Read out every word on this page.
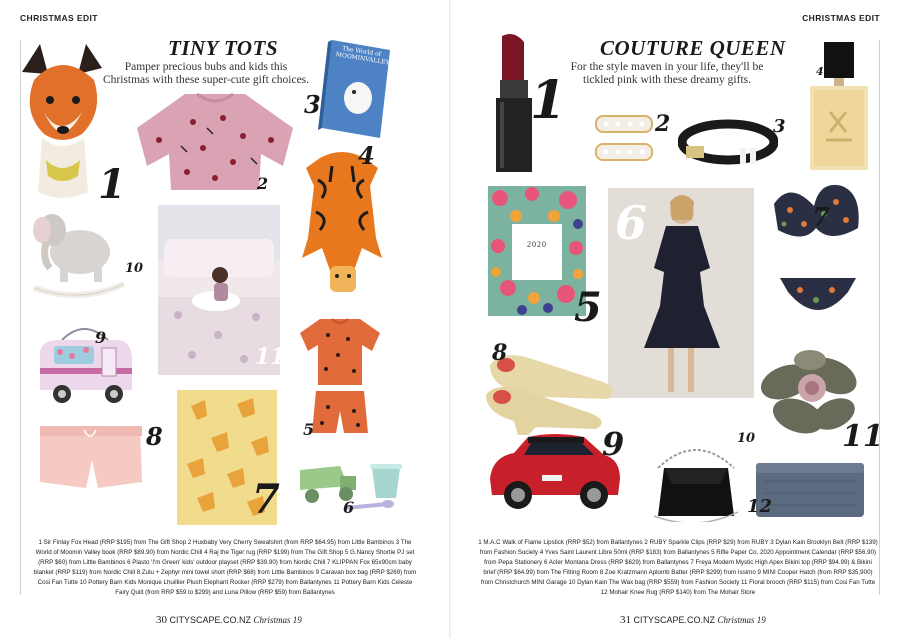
CHRISTMAS EDIT
TINY TOTS
Pamper precious bubs and kids this Christmas with these super-cute gift choices.
1	2
The World of MOOMINVALLEY
3
4
10
11
9
5
8
7	6
1 Sir Finlay Fox Head (RRP $195) from The Gift Shop 2 Huxbaby Very Cherry Sweatshirt (from RRP $64.95) from Little Bambinos 3 The World of Moomin Valley book (RRP $89.90) from Nordic Chill 4 Raj the Tiger rug (RRP $199) from The Gift Shop 5 G.Nancy Shortie PJ set (RRP $60) from Little Bambinos 6 Plasto 'I'm Green' kids' outdoor playset (RRP $39.90) from Nordic Chill 7 KLIPPAN Fox 65x90cm baby blanket (RRP $119) from Nordic Chill 8 Zulu + Zephyr mini towel short (RRP $68) from Little Bambinos 9 Caravan box bag (RRP $269) from Cosi Fan Tutte 10 Pottery Barn Kids Monique Lhuillier Plush Elephant Rocker (RRP $279) from Ballantynes 11 Pottery Barn Kids Celeste Fairy Quilt (from RRP $59 to $299) and Luna Pillow (RRP $59) from Ballantynes
30 CITYSCAPE.CO.NZ Christmas 19
CHRISTMAS EDIT
COUTURE QUEEN
For the style maven in your life, they'll be tickled pink with these dreamy gifts.
1	2	3
4
2020
5
6	7
11
8
9	10
12
1 M.A.C Walk of Flame Lipstick (RRP $52) from Ballantynes 2 RUBY Sparkle Clips (RRP $29) from RUBY 3 Dylan Kain Brooklyn Belt (RRP $139) from Fashion Society 4 Yves Saint Laurent Libre 50ml (RRP $183) from Ballantynes 5 Rifle Paper Co. 2020 Appointment Calendar (RRP $56.90) from Pepa Stationery 6 Acler Montana Dress (RRP $629) from Ballantynes 7 Freya Modern Mystic High Apex Bikini top (RRP $94.99) & Bikini brief (RRP $64.99) from The Fitting Room 8 Zoe Kratzmann Aplomb Batter (RRP $299) from Issimo 9 MINI Cooper Hatch (from RRP $35,900) from Christchurch MINI Garage 10 Dylan Kain The Wax bag (RRP $559) from Fashion Society 11 Floral brooch (RRP $115) from Cosi Fan Tutte 12 Mohair Knee Rug (RRP $140) from The Mohair Store
31 CITYSCAPE.CO.NZ Christmas 19
